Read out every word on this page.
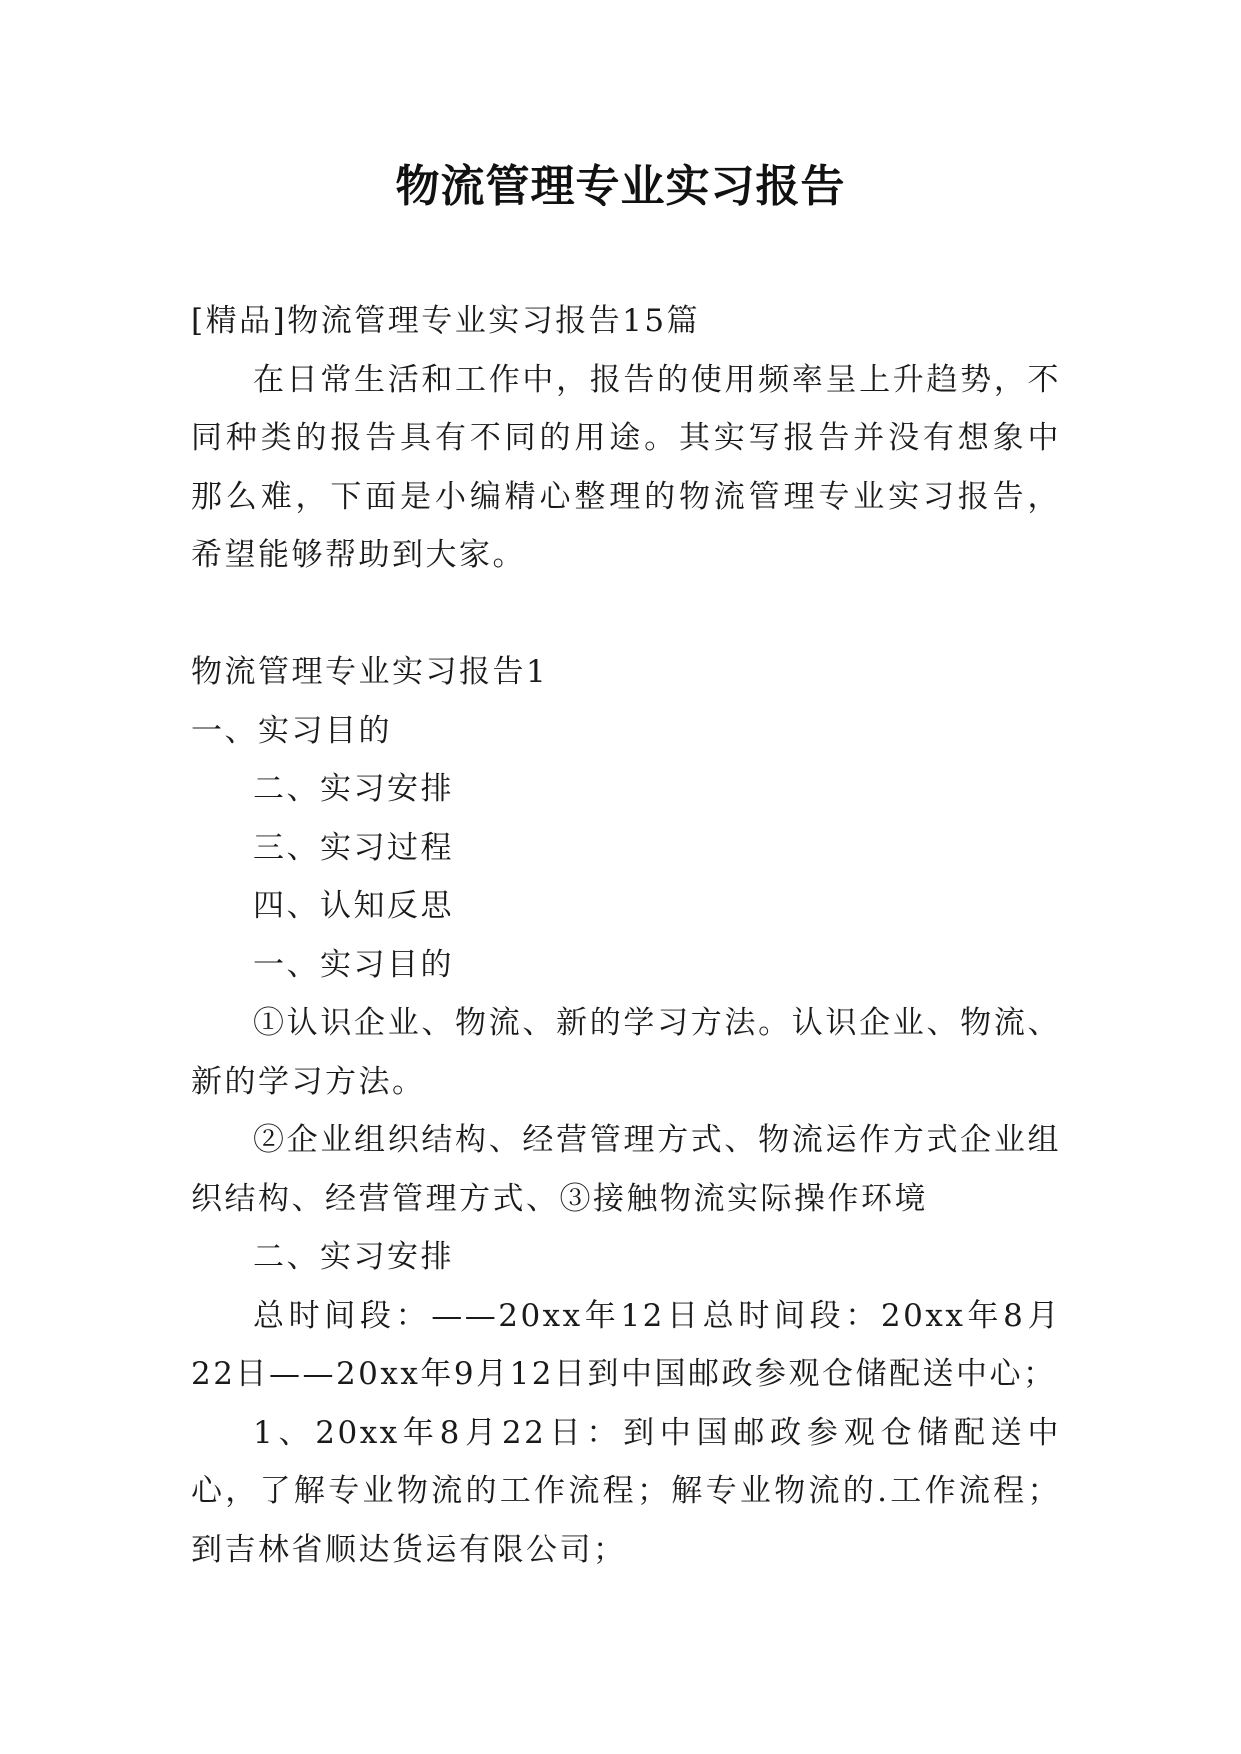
物流管理专业实习报告

[精品]物流管理专业实习报告15篇

在日常生活和工作中，报告的使用频率呈上升趋势，不同种类的报告具有不同的用途。其实写报告并没有想象中那么难，下面是小编精心整理的物流管理专业实习报告，希望能够帮助到大家。

物流管理专业实习报告1

一、实习目的

二、实习安排

三、实习过程

四、认知反思

一、实习目的

①认识企业、物流、新的学习方法。认识企业、物流、新的学习方法。

②企业组织结构、经营管理方式、物流运作方式企业组织结构、经营管理方式、③接触物流实际操作环境

二、实习安排

总时间段：——20xx年12日总时间段：20xx年8月22日——20xx年9月12日到中国邮政参观仓储配送中心；

1、20xx年8月22日：到中国邮政参观仓储配送中心，了解专业物流的工作流程；解专业物流的.工作流程；到吉林省顺达货运有限公司；
